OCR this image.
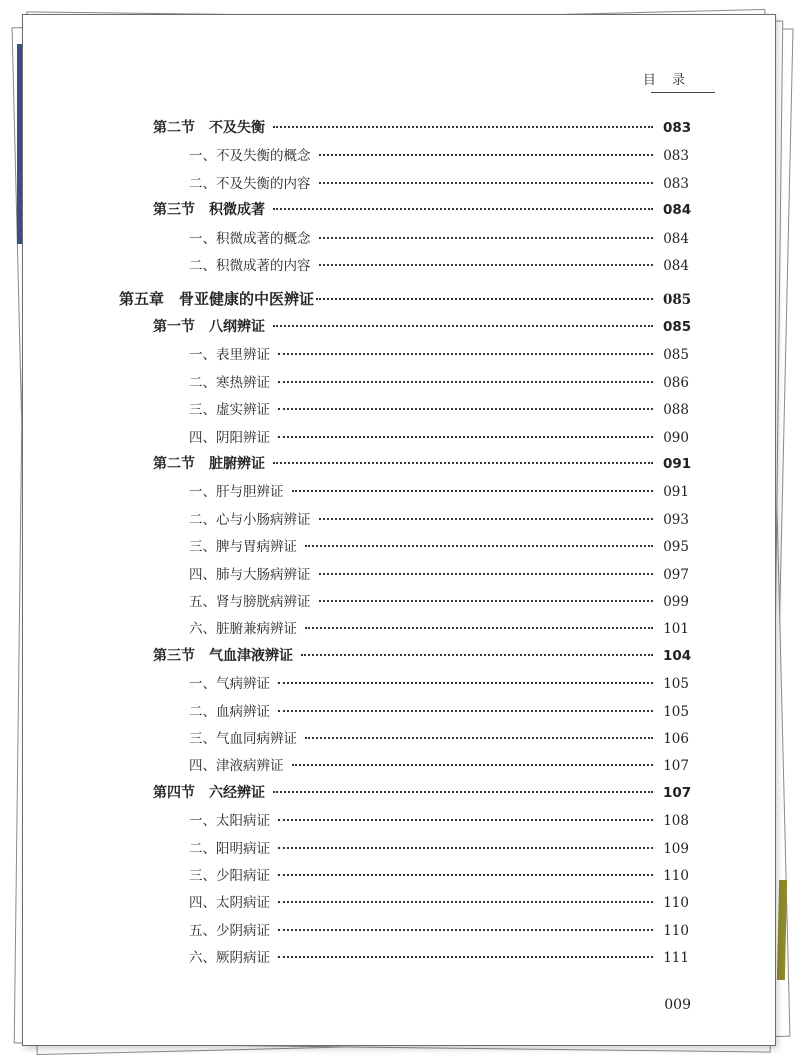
目 录
第二节　不及失衡	083
一、不及失衡的概念	083
二、不及失衡的内容	083
第三节　积微成著	084
一、积微成著的概念	084
二、积微成著的内容	084
第五章　骨亚健康的中医辨证	085
第一节　八纲辨证	085
一、表里辨证	085
二、寒热辨证	086
三、虚实辨证	088
四、阴阳辨证	090
第二节　脏腑辨证	091
一、肝与胆辨证	091
二、心与小肠病辨证	093
三、脾与胃病辨证	095
四、肺与大肠病辨证	097
五、肾与膀胱病辨证	099
六、脏腑兼病辨证	101
第三节　气血津液辨证	104
一、气病辨证	105
二、血病辨证	105
三、气血同病辨证	106
四、津液病辨证	107
第四节　六经辨证	107
一、太阳病证	108
二、阳明病证	109
三、少阳病证	110
四、太阴病证	110
五、少阴病证	110
六、厥阴病证	111
009
